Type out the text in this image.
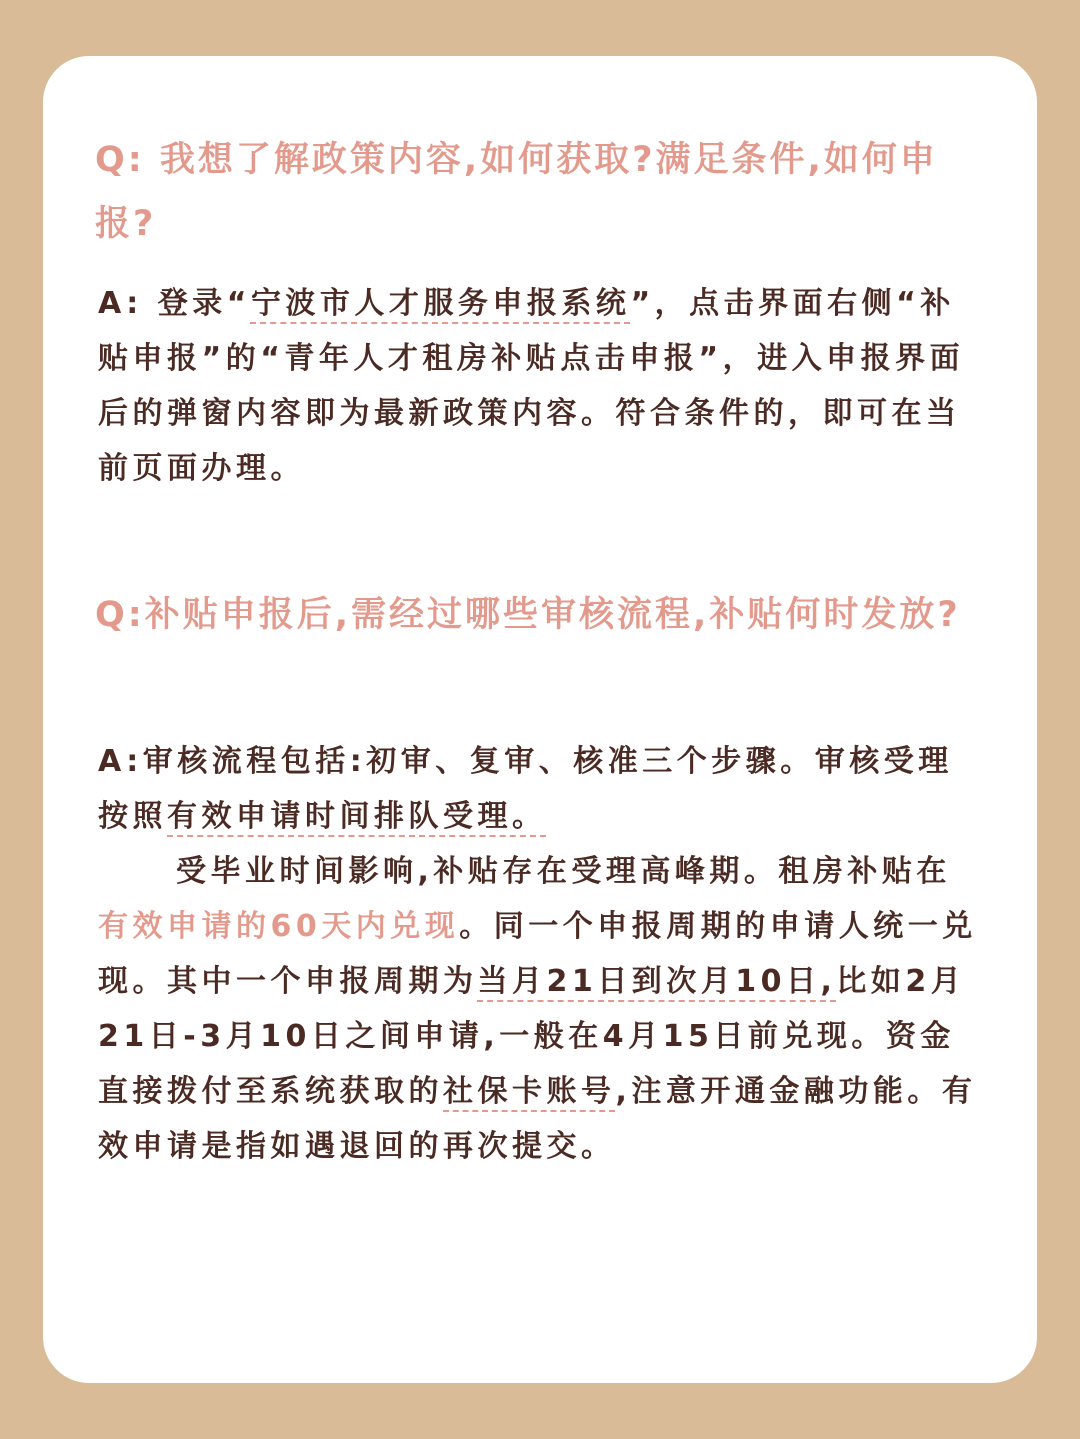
Q: 我想了解政策内容,如何获取?满足条件,如何申报?

A: 登录“宁波市人才服务申报系统”，点击界面右侧“补贴申报”的“青年人才租房补贴点击申报”，进入申报界面后的弹窗内容即为最新政策内容。符合条件的，即可在当前页面办理。

Q:补贴申报后,需经过哪些审核流程,补贴何时发放?

A:审核流程包括:初审、复审、核准三个步骤。审核受理按照有效申请时间排队受理。
受毕业时间影响,补贴存在受理高峰期。租房补贴在有效申请的60天内兑现。同一个申报周期的申请人统一兑现。其中一个申报周期为当月21日到次月10日,比如2月21日-3月10日之间申请,一般在4月15日前兑现。资金直接拨付至系统获取的社保卡账号,注意开通金融功能。有效申请是指如遇退回的再次提交。
